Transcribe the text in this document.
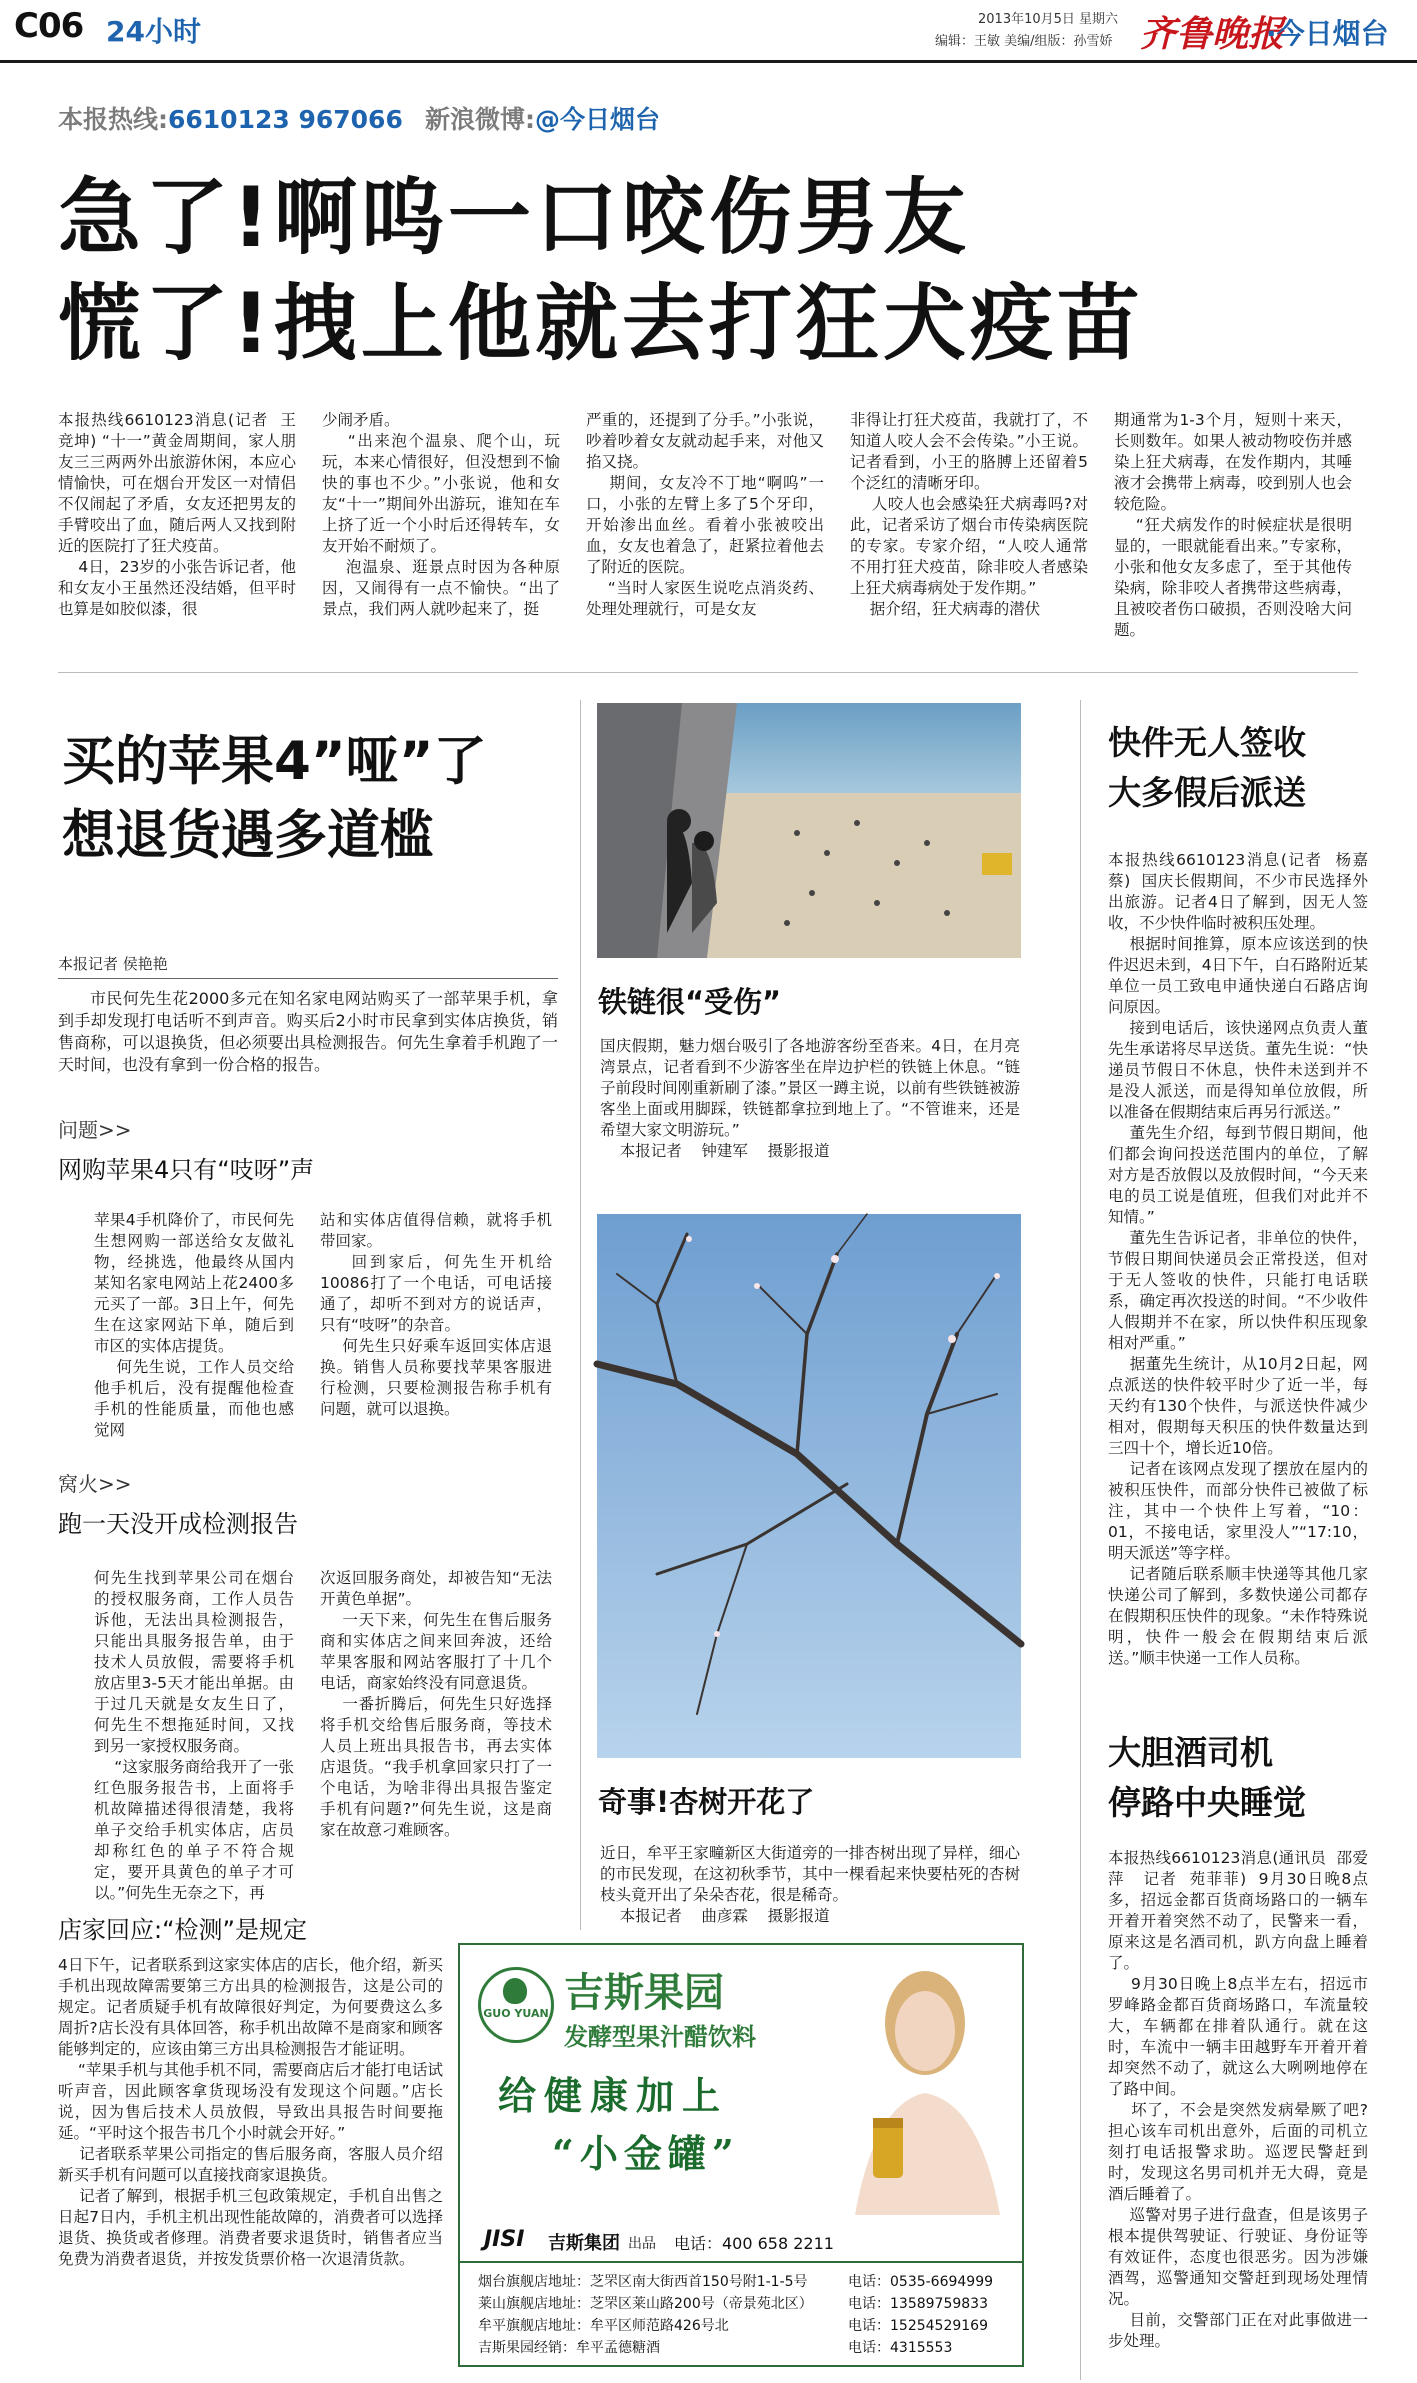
C06 24小时	2013年10月5日 星期六
编辑：王敏 美编/组版：孙雪娇 齐鲁晚报
·今日烟台
本报热线:6610123 967066 新浪微博:@今日烟台
急了!啊呜一口咬伤男友
慌了!拽上他就去打狂犬疫苗
本报热线6610123消息(记者  王竞坤) “十一”黄金周期间，家人朋友三三两两外出旅游休闲，本应心情愉快，可在烟台开发区一对情侣不仅闹起了矛盾，女友还把男友的手臂咬出了血，随后两人又找到附近的医院打了狂犬疫苗。
4日，23岁的小张告诉记者，他和女友小王虽然还没结婚，但平时也算是如胶似漆，很
少闹矛盾。
“出来泡个温泉、爬个山，玩玩，本来心情很好，但没想到不愉快的事也不少。”小张说，他和女友“十一”期间外出游玩，谁知在车上挤了近一个小时后还得转车，女友开始不耐烦了。
泡温泉、逛景点时因为各种原因，又闹得有一点不愉快。“出了景点，我们两人就吵起来了，挺
严重的，还提到了分手。”小张说，吵着吵着女友就动起手来，对他又掐又挠。
期间，女友冷不丁地“啊呜”一口，小张的左臂上多了5个牙印，开始渗出血丝。看着小张被咬出血，女友也着急了，赶紧拉着他去了附近的医院。
“当时人家医生说吃点消炎药、处理处理就行，可是女友
非得让打狂犬疫苗，我就打了，不知道人咬人会不会传染。”小王说。记者看到，小王的胳膊上还留着5个泛红的清晰牙印。
人咬人也会感染狂犬病毒吗?对此，记者采访了烟台市传染病医院的专家。专家介绍，“人咬人通常不用打狂犬疫苗，除非咬人者感染上狂犬病毒病处于发作期。”
据介绍，狂犬病毒的潜伏
期通常为1-3个月，短则十来天，长则数年。如果人被动物咬伤并感染上狂犬病毒，在发作期内，其唾液才会携带上病毒，咬到别人也会较危险。
“狂犬病发作的时候症状是很明显的，一眼就能看出来。”专家称，小张和他女友多虑了，至于其他传染病，除非咬人者携带这些病毒，且被咬者伤口破损，否则没啥大问题。
买的苹果4”哑”了
想退货遇多道槛
本报记者 侯艳艳
市民何先生花2000多元在知名家电网站购买了一部苹果手机，拿到手却发现打电话听不到声音。购买后2小时市民拿到实体店换货，销售商称，可以退换货，但必须要出具检测报告。何先生拿着手机跑了一天时间，也没有拿到一份合格的报告。
问题>>
网购苹果4只有“吱呀”声
苹果4手机降价了，市民何先生想网购一部送给女友做礼物，经挑选，他最终从国内某知名家电网站上花2400多元买了一部。3日上午，何先生在这家网站下单，随后到市区的实体店提货。
何先生说，工作人员交给他手机后，没有提醒他检查手机的性能质量，而他也感觉网
站和实体店值得信赖，就将手机带回家。
回到家后，何先生开机给10086打了一个电话，可电话接通了，却听不到对方的说话声，只有“吱呀”的杂音。
何先生只好乘车返回实体店退换。销售人员称要找苹果客服进行检测，只要检测报告称手机有问题，就可以退换。
窝火>>
跑一天没开成检测报告
何先生找到苹果公司在烟台的授权服务商，工作人员告诉他，无法出具检测报告，只能出具服务报告单，由于技术人员放假，需要将手机放店里3-5天才能出单据。由于过几天就是女友生日了，何先生不想拖延时间，又找到另一家授权服务商。
“这家服务商给我开了一张红色服务报告书，上面将手机故障描述得很清楚，我将单子交给手机实体店，店员却称红色的单子不符合规定，要开具黄色的单子才可以。”何先生无奈之下，再
次返回服务商处，却被告知“无法开黄色单据”。
一天下来，何先生在售后服务商和实体店之间来回奔波，还给苹果客服和网站客服打了十几个电话，商家始终没有同意退货。
一番折腾后，何先生只好选择将手机交给售后服务商，等技术人员上班出具报告书，再去实体店退货。“我手机拿回家只打了一个电话，为啥非得出具报告鉴定手机有问题?”何先生说，这是商家在故意刁难顾客。
店家回应:“检测”是规定
4日下午，记者联系到这家实体店的店长，他介绍，新买手机出现故障需要第三方出具的检测报告，这是公司的规定。记者质疑手机有故障很好判定，为何要费这么多周折?店长没有具体回答，称手机出故障不是商家和顾客能够判定的，应该由第三方出具检测报告才能证明。
“苹果手机与其他手机不同，需要商店后才能打电话试听声音，因此顾客拿货现场没有发现这个问题。”店长说，因为售后技术人员放假，导致出具报告时间要拖延。“平时这个报告书几个小时就会开好。”
记者联系苹果公司指定的售后服务商，客服人员介绍新买手机有问题可以直接找商家退换货。
记者了解到，根据手机三包政策规定，手机自出售之日起7日内，手机主机出现性能故障的，消费者可以选择退货、换货或者修理。消费者要求退货时，销售者应当免费为消费者退货，并按发货票价格一次退清货款。
铁链很“受伤”
国庆假期，魅力烟台吸引了各地游客纷至沓来。4日，在月亮湾景点，记者看到不少游客坐在岸边护栏的铁链上休息。“链子前段时间刚重新刷了漆。”景区一蹲主说，以前有些铁链被游客坐上面或用脚踩，铁链都拿拉到地上了。“不管谁来，还是希望大家文明游玩。”
本报记者    钟建军    摄影报道
奇事!杏树开花了
近日，牟平王家疃新区大街道旁的一排杏树出现了异样，细心的市民发现，在这初秋季节，其中一棵看起来快要枯死的杏树枝头竟开出了朵朵杏花，很是稀奇。
本报记者    曲彦霖    摄影报道
快件无人签收
大多假后派送
本报热线6610123消息(记者  杨嘉蔡)  国庆长假期间，不少市民选择外出旅游。记者4日了解到，因无人签收，不少快件临时被积压处理。
根据时间推算，原本应该送到的快件迟迟未到，4日下午，白石路附近某单位一员工致电申通快递白石路店询问原因。
接到电话后，该快递网点负责人董先生承诺将尽早送货。董先生说：“快递员节假日不休息，快件未送到并不是没人派送，而是得知单位放假，所以准备在假期结束后再另行派送。”
董先生介绍，每到节假日期间，他们都会询问投送范围内的单位，了解对方是否放假以及放假时间，“今天来电的员工说是值班，但我们对此并不知情。”
董先生告诉记者，非单位的快件，节假日期间快递员会正常投送，但对于无人签收的快件，只能打电话联系，确定再次投送的时间。“不少收件人假期并不在家，所以快件积压现象相对严重。”
据董先生统计，从10月2日起，网点派送的快件较平时少了近一半，每天约有130个快件，与派送快件减少相对，假期每天积压的快件数量达到三四十个，增长近10倍。
记者在该网点发现了摆放在屋内的被积压快件，而部分快件已被做了标注，其中一个快件上写着，“10：01，不接电话，家里没人”“17:10，明天派送”等字样。
记者随后联系顺丰快递等其他几家快递公司了解到，多数快递公司都存在假期积压快件的现象。“未作特殊说明，快件一般会在假期结束后派送。”顺丰快递一工作人员称。
大胆酒司机
停路中央睡觉
本报热线6610123消息(通讯员  邵爱萍   记者  苑菲菲)  9月30日晚8点多，招远金都百货商场路口的一辆车开着开着突然不动了，民警来一看，原来这是名酒司机，趴方向盘上睡着了。
9月30日晚上8点半左右，招远市罗峰路金都百货商场路口，车流量较大，车辆都在排着队通行。就在这时，车流中一辆丰田越野车开着开着却突然不动了，就这么大咧咧地停在了路中间。
坏了，不会是突然发病晕厥了吧?担心该车司机出意外，后面的司机立刻打电话报警求助。巡逻民警赶到时，发现这名男司机并无大碍，竟是酒后睡着了。
巡警对男子进行盘查，但是该男子根本提供驾驶证、行驶证、身份证等有效证件，态度也很恶劣。因为涉嫌酒驾，巡警通知交警赶到现场处理情况。
目前，交警部门正在对此事做进一步处理。
GUO YUAN 吉斯果园
发酵型果汁醋饮料
给健康加上
“小金罐”
JISI 吉斯集团 出品 电话：400 658 2211
烟台旗舰店地址：芝罘区南大街西首150号附1-1-5号
莱山旗舰店地址：芝罘区莱山路200号（帝景苑北区）
牟平旗舰店地址：牟平区师范路426号北
吉斯果园经销：牟平孟德糖酒
电话：0535-6694999
电话：13589759833
电话：15254529169
电话：4315553
